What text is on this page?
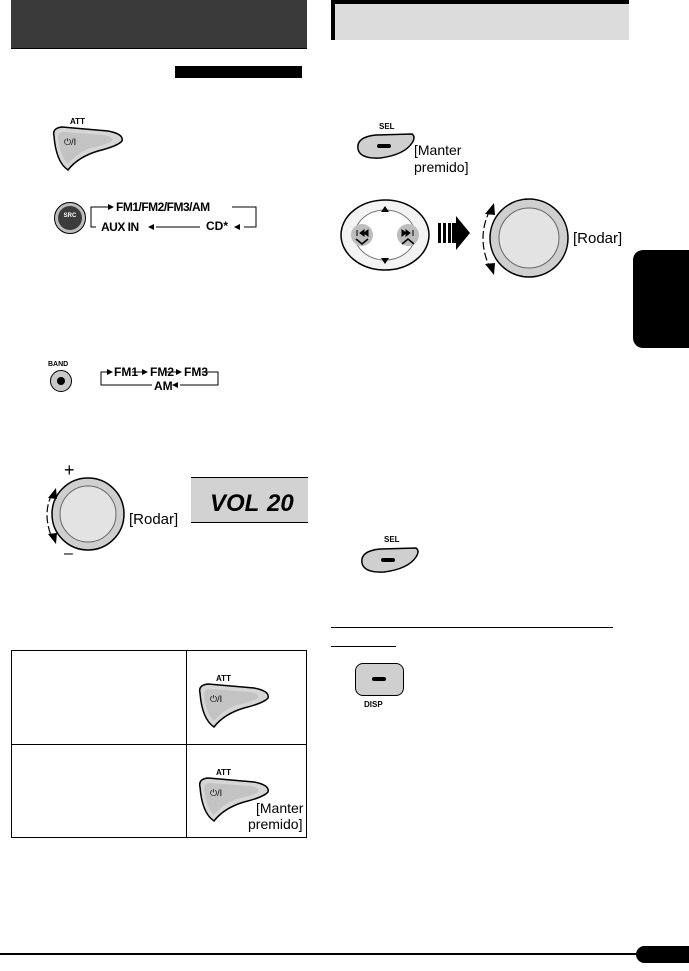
ATT
⏻/I
SRC
FM1/FM2/FM3/AM
AUX IN	CD*
BAND
FM1 FM2 FM3
AM
+
–
[Rodar]
VOL 20
ATT
⏻/I
ATT
⏻/I
[Manter
premido]
SEL
[Manter
premido]
[Rodar]
SEL
DISP
